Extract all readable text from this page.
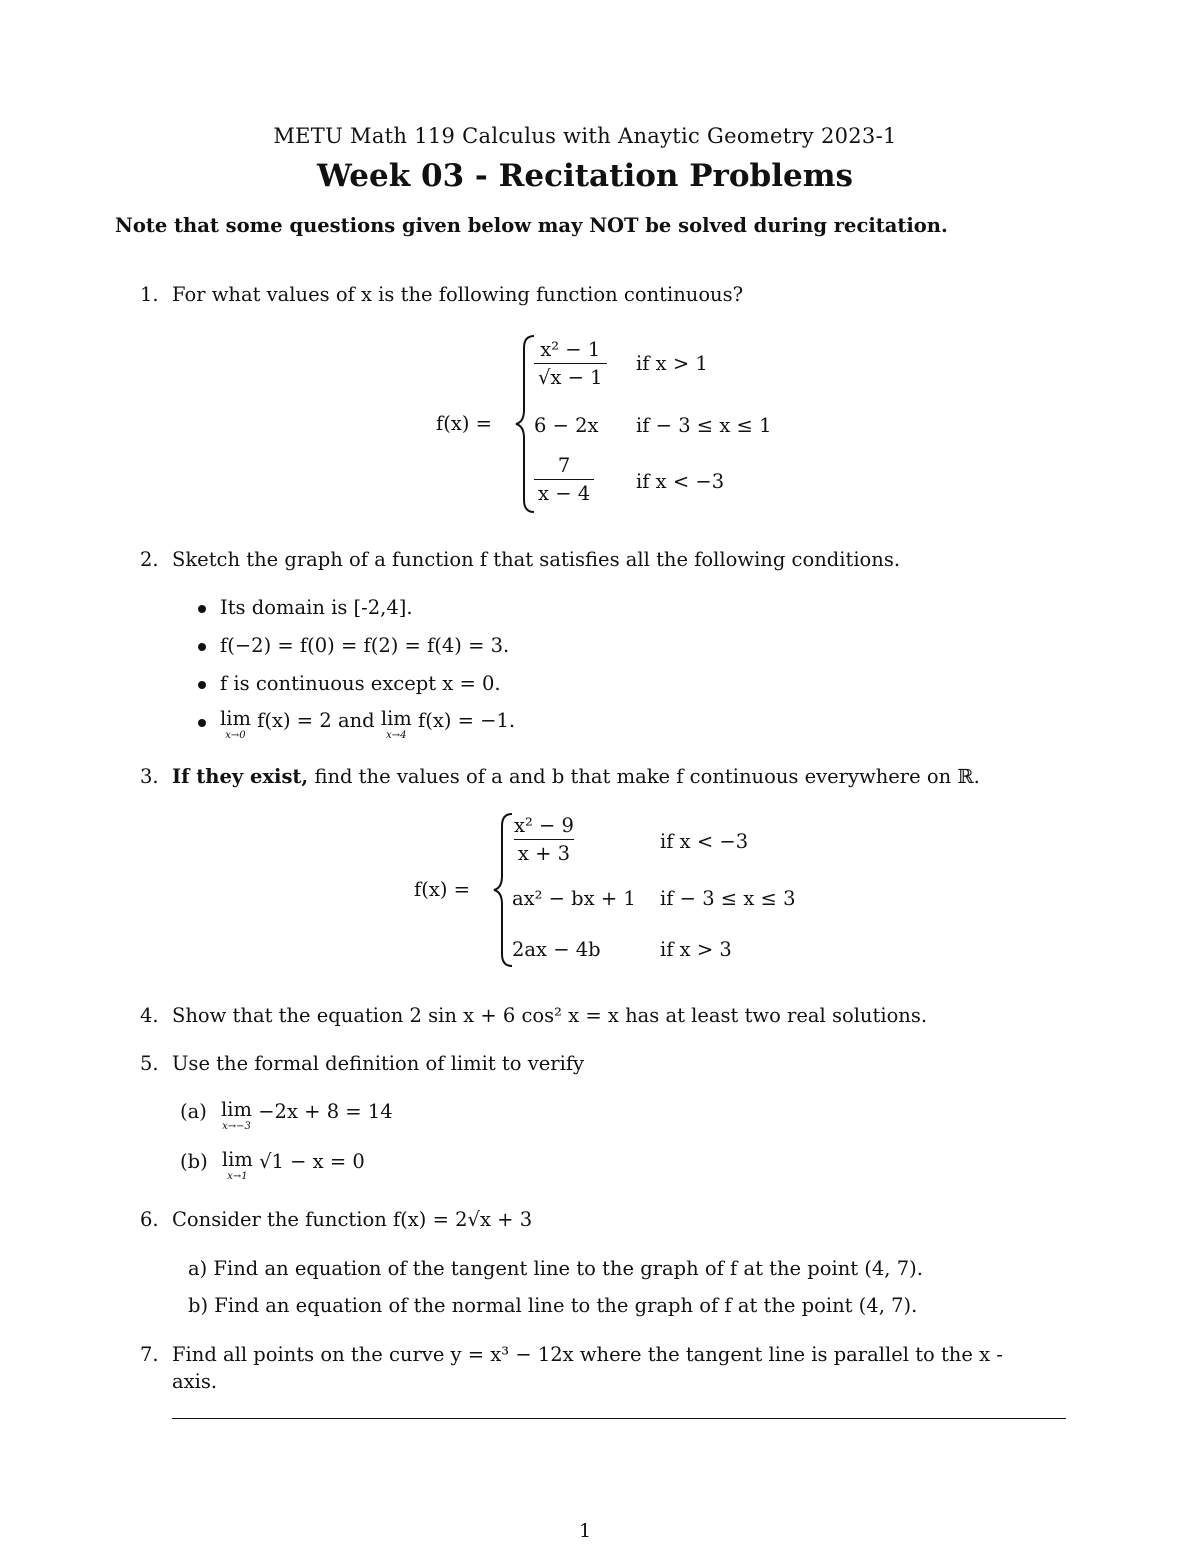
METU Math 119 Calculus with Anaytic Geometry 2023-1
Week 03 - Recitation Problems
Note that some questions given below may NOT be solved during recitation.
1. For what values of x is the following function continuous?
f(x) =
$\frac{\text{x² − 1}}{√x - 1}$ if x > 1
6 − 2x if − 3 ≤ x ≤ 1
$\frac{7}{x - 4}$ if x < −3
2. Sketch the graph of a function f that satisfies all the following conditions.
Its domain is [-2,4].
f(−2) = f(0) = f(2) = f(4) = 3.
f is continuous except x = 0.
lim
x→0
f(x) = 2 and lim
x→4
f(x) = −1.
3. If they exist, find the values of a and b that make f continuous everywhere on ℝ.
f(x) =
$\frac{\text{x² − 9}}{x + 3}$	if x < −3
ax² − bx + 1 if − 3 ≤ x ≤ 3
2ax − 4b	if x > 3
4. Show that the equation 2 sin x + 6 cos² x = x has at least two real solutions.
5. Use the formal definition of limit to verify
(a) lim
x→−3
−2x + 8 = 14
(b) lim
x→1
√1 − x = 0
6. Consider the function f(x) = 2√x + 3
a) Find an equation of the tangent line to the graph of f at the point (4, 7).
b) Find an equation of the normal line to the graph of f at the point (4, 7).
7. Find all points on the curve y = x³ − 12x where the tangent line is parallel to the x -
axis.
1
